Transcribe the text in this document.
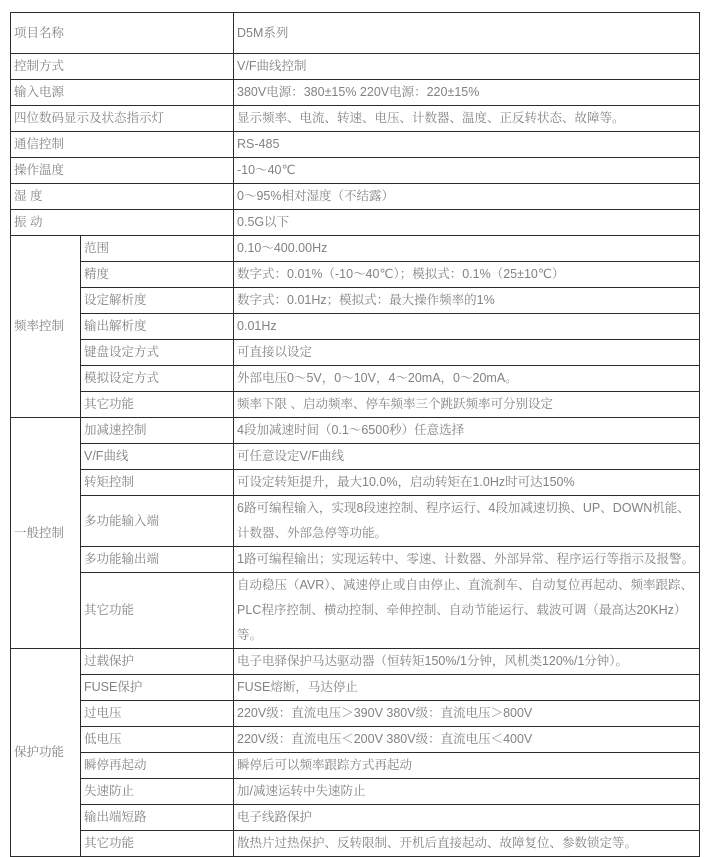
项目名称		D5M系列
控制方式		V/F曲线控制
输入电源		380V电源：380±15% 220V电源：220±15%
四位数码显示及状态指示灯		显示频率、电流、转速、电压、计数器、温度、正反转状态、故障等。
通信控制		RS-485
操作温度		-10～40℃
湿 度		0～95%相对湿度（不结露）
振 动		0.5G以下
频率控制	范围	0.10～400.00Hz
	精度	数字式：0.01%（-10～40℃）；模拟式：0.1%（25±10℃）
	设定解析度	数字式：0.01Hz；模拟式：最大操作频率的1%
	输出解析度	0.01Hz
	键盘设定方式	可直接以设定
	模拟设定方式	外部电压0～5V，0～10V，4～20mA，0～20mA。
	其它功能	频率下限 、启动频率、停车频率三个跳跃频率可分别设定
一般控制	加减速控制	4段加减速时间（0.1～6500秒）任意选择
	V/F曲线	可任意设定V/F曲线
	转矩控制	可设定转矩提升，最大10.0%，启动转矩在1.0Hz时可达150%
	多功能输入端	6路可编程输入，实现8段速控制、程序运行、4段加减速切换、UP、DOWN机能、计数器、外部急停等功能。
	多功能输出端	1路可编程输出；实现运转中、零速、计数器、外部异常、程序运行等指示及报警。
	其它功能	自动稳压（AVR）、减速停止或自由停止、直流刹车、自动复位再起动、频率跟踪、PLC程序控制、横动控制、牵伸控制、自动节能运行、载波可调（最高达20KHz）等。
保护功能	过载保护	电子电驿保护马达驱动器（恒转矩150%/1分钟，风机类120%/1分钟）。
	FUSE保护	FUSE熔断，马达停止
	过电压	220V级：直流电压＞390V 380V级：直流电压＞800V
	低电压	220V级：直流电压＜200V 380V级：直流电压＜400V
	瞬停再起动	瞬停后可以频率跟踪方式再起动
	失速防止	加/减速运转中失速防止
	输出端短路	电子线路保护
	其它功能	散热片过热保护、反转限制、开机后直接起动、故障复位、参数锁定等。
